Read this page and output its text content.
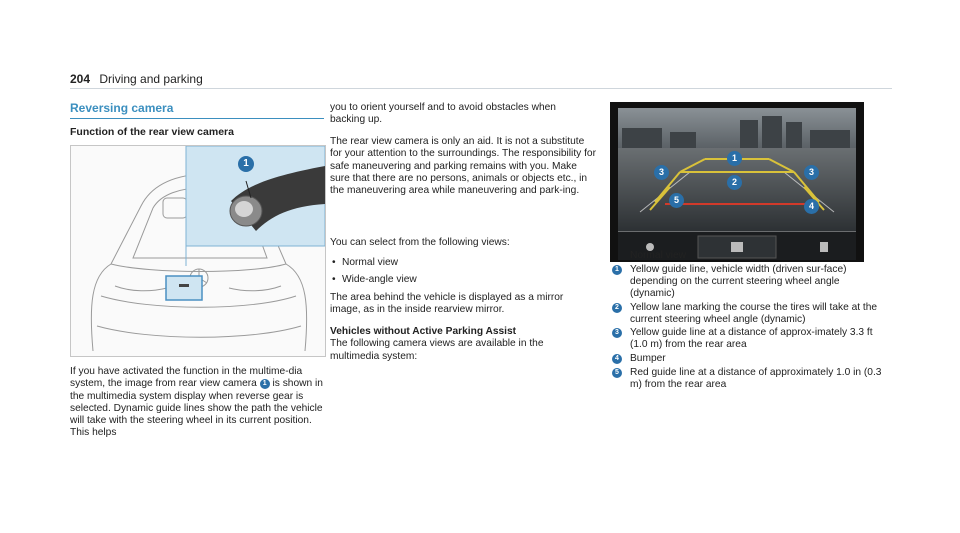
204 Driving and parking
Reversing camera
Function of the rear view camera
1

If you have activated the function in the multime-dia system, the image from rear view camera 1 is shown in the multimedia system display when reverse gear is selected. Dynamic guide lines show the path the vehicle will take with the steering wheel in its current position. This helps

you to orient yourself and to avoid obstacles when backing up.

The rear view camera is only an aid. It is not a substitute for your attention to the surroundings. The responsibility for safe maneuvering and parking remains with you. Make sure that there are no persons, animals or objects etc., in the maneuvering area while maneuvering and park-ing.

You can select from the following views:

• Normal view
• Wide-angle view

The area behind the vehicle is displayed as a mirror image, as in the inside rearview mirror.

Vehicles without Active Parking Assist
The following camera views are available in the multimedia system:

1
2
3	3
4
5
Normal view
1 Yellow guide line, vehicle width (driven sur-face) depending on the current steering wheel angle (dynamic)
2 Yellow lane marking the course the tires will take at the current steering wheel angle (dynamic)
3 Yellow guide line at a distance of approx-imately 3.3 ft (1.0 m) from the rear area
4 Bumper
5 Red guide line at a distance of approximately 1.0 in (0.3 m) from the rear area
